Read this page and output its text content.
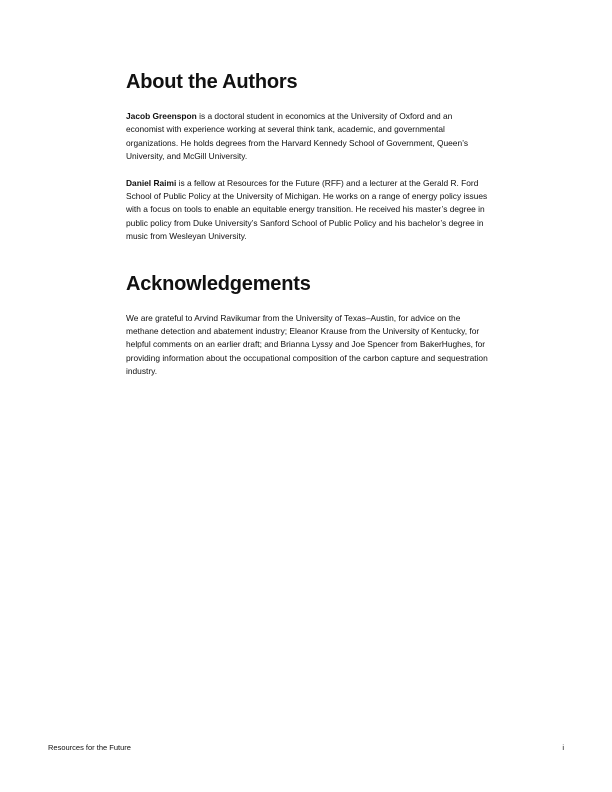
About the Authors

Jacob Greenspon is a doctoral student in economics at the University of Oxford and an economist with experience working at several think tank, academic, and governmental organizations. He holds degrees from the Harvard Kennedy School of Government, Queen’s University, and McGill University.

Daniel Raimi is a fellow at Resources for the Future (RFF) and a lecturer at the Gerald R. Ford School of Public Policy at the University of Michigan. He works on a range of energy policy issues with a focus on tools to enable an equitable energy transition. He received his master’s degree in public policy from Duke University’s Sanford School of Public Policy and his bachelor’s degree in music from Wesleyan University.

Acknowledgements

We are grateful to Arvind Ravikumar from the University of Texas–Austin, for advice on the methane detection and abatement industry; Eleanor Krause from the University of Kentucky, for helpful comments on an earlier draft; and Brianna Lyssy and Joe Spencer from BakerHughes, for providing information about the occupational composition of the carbon capture and sequestration industry.

Resources for the Future	i
